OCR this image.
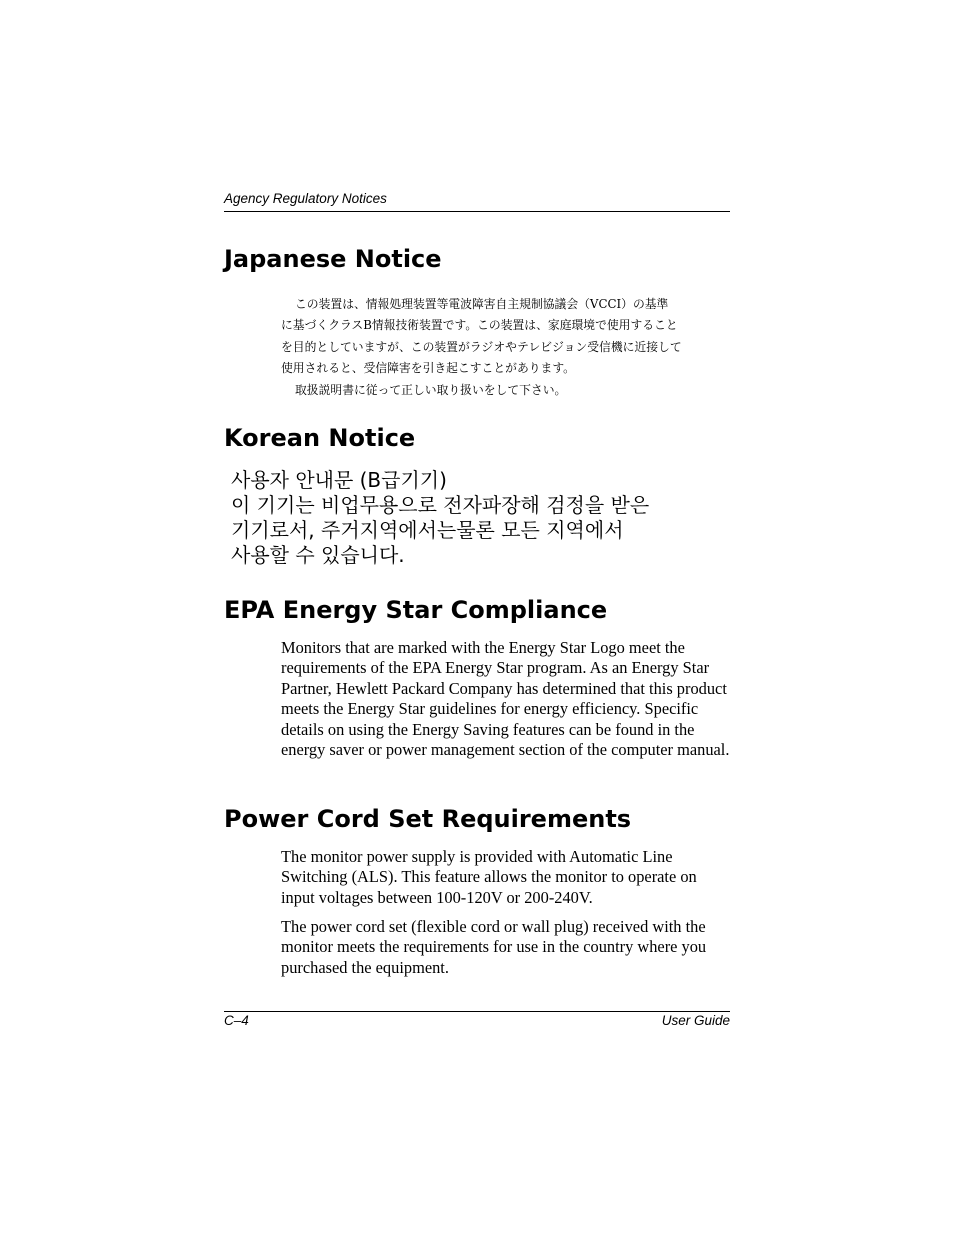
Agency Regulatory Notices
Japanese Notice

この装置は、情報処理装置等電波障害自主規制協議会（VCCI）の基準

に基づくクラスB情報技術装置です。この装置は、家庭環境で使用すること

を目的としていますが、この装置がラジオやテレビジョン受信機に近接して

使用されると、受信障害を引き起こすことがあります。

取扱説明書に従って正しい取り扱いをして下さい。

Korean Notice

사용자 안내문 (B급기기)

이 기기는 비업무용으로 전자파장해 검정을 받은

기기로서, 주거지역에서는물론 모든 지역에서

사용할 수 있습니다.

EPA Energy Star Compliance

Monitors that are marked with the Energy Star Logo meet the requirements of the EPA Energy Star program. As an Energy Star Partner, Hewlett Packard Company has determined that this product meets the Energy Star guidelines for energy efficiency. Specific details on using the Energy Saving features can be found in the energy saver or power management section of the computer manual.

Power Cord Set Requirements

The monitor power supply is provided with Automatic Line Switching (ALS). This feature allows the monitor to operate on input voltages between 100-120V or 200-240V.

The power cord set (flexible cord or wall plug) received with the monitor meets the requirements for use in the country where you purchased the equipment.

C–4	User Guide
